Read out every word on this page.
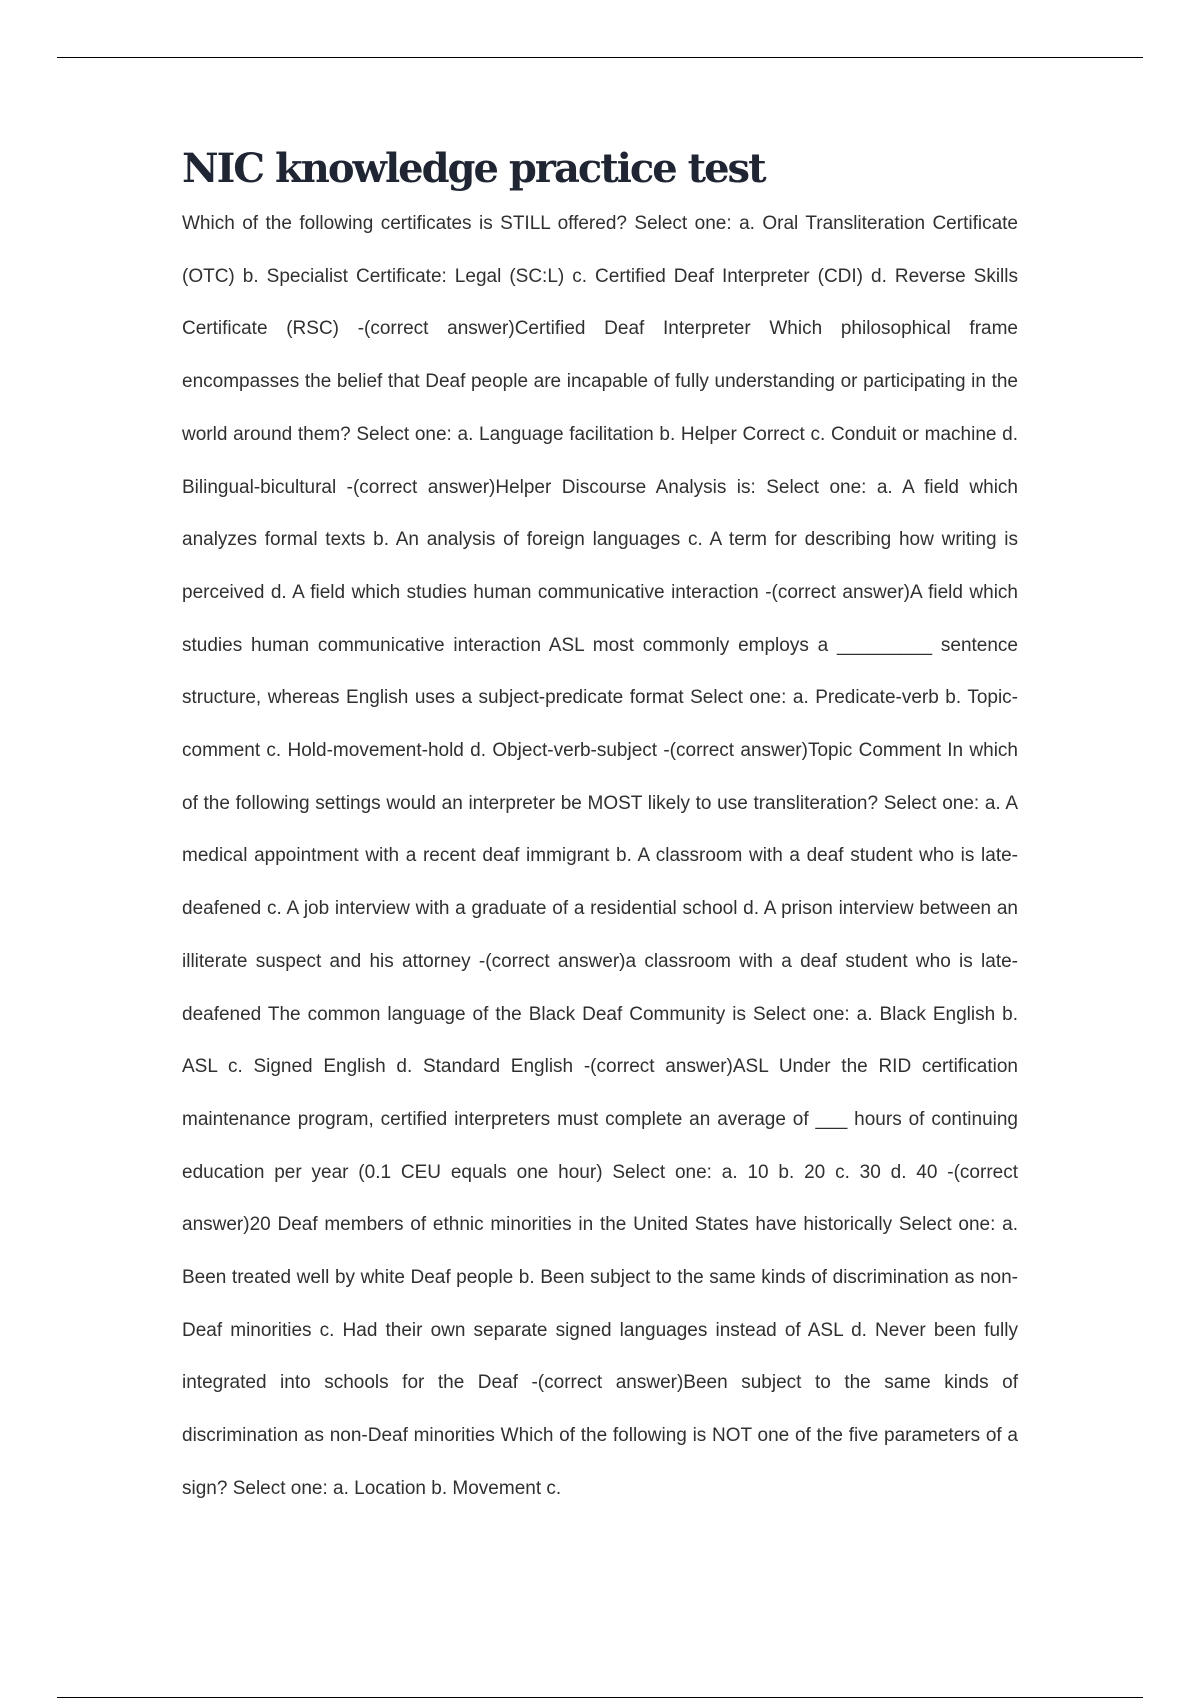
NIC knowledge practice test

Which of the following certificates is STILL offered? Select one: a. Oral Transliteration Certificate (OTC) b. Specialist Certificate: Legal (SC:L) c. Certified Deaf Interpreter (CDI) d. Reverse Skills Certificate (RSC) -(correct answer)Certified Deaf Interpreter Which philosophical frame encompasses the belief that Deaf people are incapable of fully understanding or participating in the world around them? Select one: a. Language facilitation b. Helper Correct c. Conduit or machine d. Bilingual-bicultural -(correct answer)Helper Discourse Analysis is: Select one: a. A field which analyzes formal texts b. An analysis of foreign languages c. A term for describing how writing is perceived d. A field which studies human communicative interaction -(correct answer)A field which studies human communicative interaction ASL most commonly employs a _________ sentence structure, whereas English uses a subject-predicate format Select one: a. Predicate-verb b. Topic-comment c. Hold-movement-hold d. Object-verb-subject -(correct answer)Topic Comment In which of the following settings would an interpreter be MOST likely to use transliteration? Select one: a. A medical appointment with a recent deaf immigrant b. A classroom with a deaf student who is late-deafened c. A job interview with a graduate of a residential school d. A prison interview between an illiterate suspect and his attorney -(correct answer)a classroom with a deaf student who is late-deafened The common language of the Black Deaf Community is Select one: a. Black English b. ASL c. Signed English d. Standard English -(correct answer)ASL Under the RID certification maintenance program, certified interpreters must complete an average of ___ hours of continuing education per year (0.1 CEU equals one hour) Select one: a. 10 b. 20 c. 30 d. 40 -(correct answer)20 Deaf members of ethnic minorities in the United States have historically Select one: a. Been treated well by white Deaf people b. Been subject to the same kinds of discrimination as non-Deaf minorities c. Had their own separate signed languages instead of ASL d. Never been fully integrated into schools for the Deaf -(correct answer)Been subject to the same kinds of discrimination as non-Deaf minorities Which of the following is NOT one of the five parameters of a sign? Select one: a. Location b. Movement c.
